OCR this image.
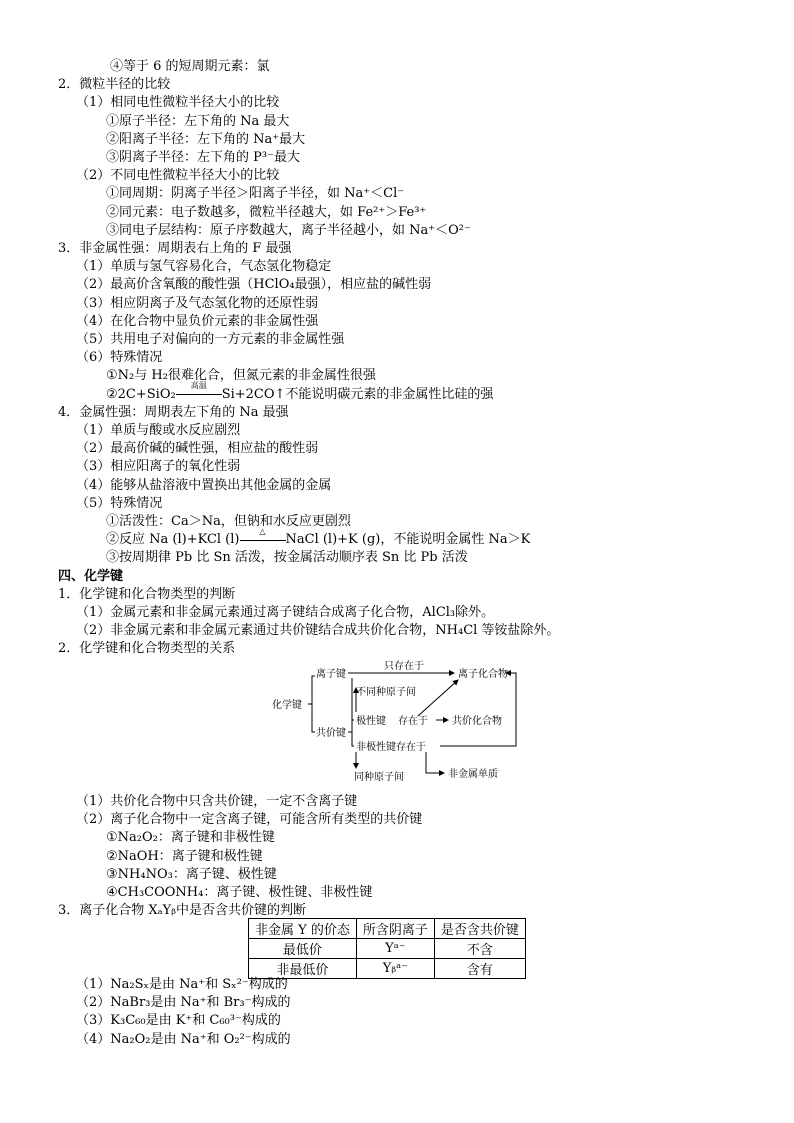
④等于 6 的短周期元素：氯
2．微粒半径的比较
（1）相同电性微粒半径大小的比较
①原子半径：左下角的 Na 最大
②阳离子半径：左下角的 Na⁺最大
③阴离子半径：左下角的 P³⁻最大
（2）不同电性微粒半径大小的比较
①同周期：阴离子半径＞阳离子半径，如 Na⁺＜Cl⁻
②同元素：电子数越多，微粒半径越大，如 Fe²⁺＞Fe³⁺
③同电子层结构：原子序数越大，离子半径越小，如 Na⁺＜O²⁻
3．非金属性强：周期表右上角的 F 最强
（1）单质与氢气容易化合，气态氢化物稳定
（2）最高价含氧酸的酸性强（HClO₄最强），相应盐的碱性弱
（3）相应阴离子及气态氢化物的还原性弱
（4）在化合物中显负价元素的非金属性强
（5）共用电子对偏向的一方元素的非金属性强
（6）特殊情况
①N₂与 H₂很难化合，但氮元素的非金属性很强
②2C+SiO₂
高温
Si+2CO↑不能说明碳元素的非金属性比硅的强
4．金属性强：周期表左下角的 Na 最强
（1）单质与酸或水反应剧烈
（2）最高价碱的碱性强，相应盐的酸性弱
（3）相应阳离子的氧化性弱
（4）能够从盐溶液中置换出其他金属的金属
（5）特殊情况
①活泼性：Ca＞Na，但钠和水反应更剧烈
②反应 Na (l)+KCl (l)
△
NaCl (l)+K (g)，不能说明金属性 Na＞K
③按周期律 Pb 比 Sn 活泼，按金属活动顺序表 Sn 比 Pb 活泼
四、化学键
1．化学键和化合物类型的判断
（1）金属元素和非金属元素通过离子键结合成离子化合物，AlCl₃除外。
（2）非金属元素和非金属元素通过共价键结合成共价化合物，NH₄Cl 等铵盐除外。
2．化学键和化合物类型的关系
（1）共价化合物中只含共价键，一定不含离子键
（2）离子化合物中一定含离子键，可能含所有类型的共价键
①Na₂O₂：离子键和非极性键
②NaOH：离子键和极性键
③NH₄NO₃：离子键、极性键
④CH₃COONH₄：离子键、极性键、非极性键
3．离子化合物 XₐYᵦ中是否含共价键的判断
（1）Na₂Sₓ是由 Na⁺和 Sₓ²⁻构成的
（2）NaBr₃是由 Na⁺和 Br₃⁻构成的
（3）K₃C₆₀是由 K⁺和 C₆₀³⁻构成的
（4）Na₂O₂是由 Na⁺和 O₂²⁻构成的
化学键
离子键
只存在于
离子化合物
不同种原子间
共价键
极性键 存在于 共价化合物
非极性键 存在于
同种原子间	非金属单质
非金属 Y 的价态	所含阴离子	是否含共价键
最低价	Yᵃ⁻	不含
非最低价	Yᵦᵃ⁻	含有
